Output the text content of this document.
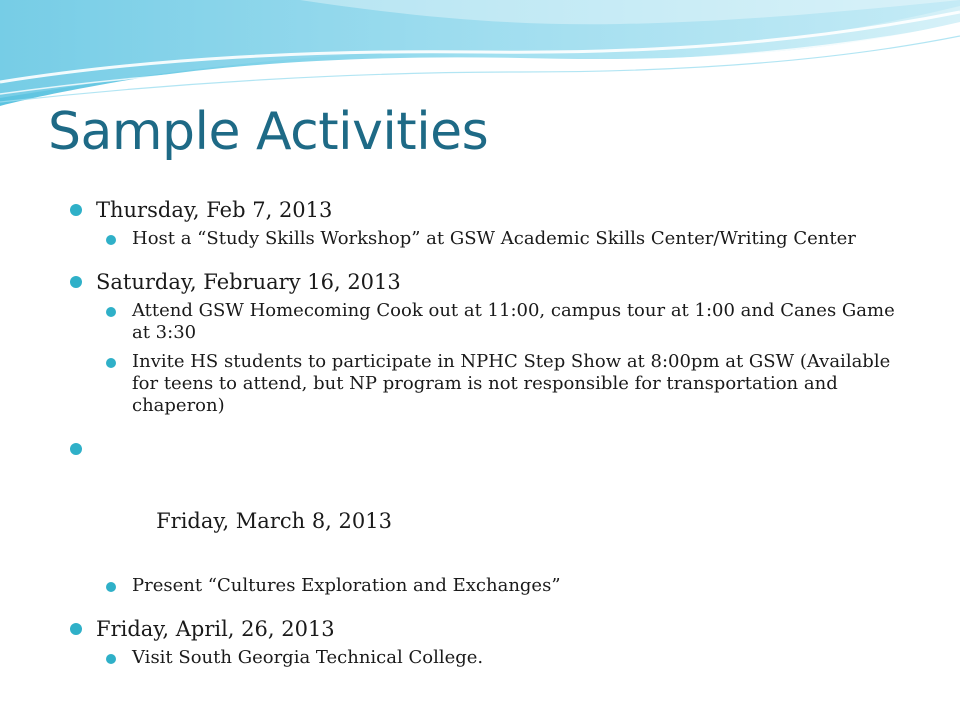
Sample Activities
Thursday, Feb 7, 2013
Host a “Study Skills Workshop” at GSW Academic Skills Center/Writing Center
Saturday, February 16, 2013
Attend GSW Homecoming Cook out at 11:00, campus tour at 1:00 and Canes Game at 3:30
Invite HS students to participate in NPHC Step Show at 8:00pm at GSW (Available for teens to attend, but NP program is not responsible for transportation and chaperon)

Friday, March 8, 2013

Present “Cultures Exploration and Exchanges”
Friday, April, 26, 2013
Visit South Georgia Technical College.
